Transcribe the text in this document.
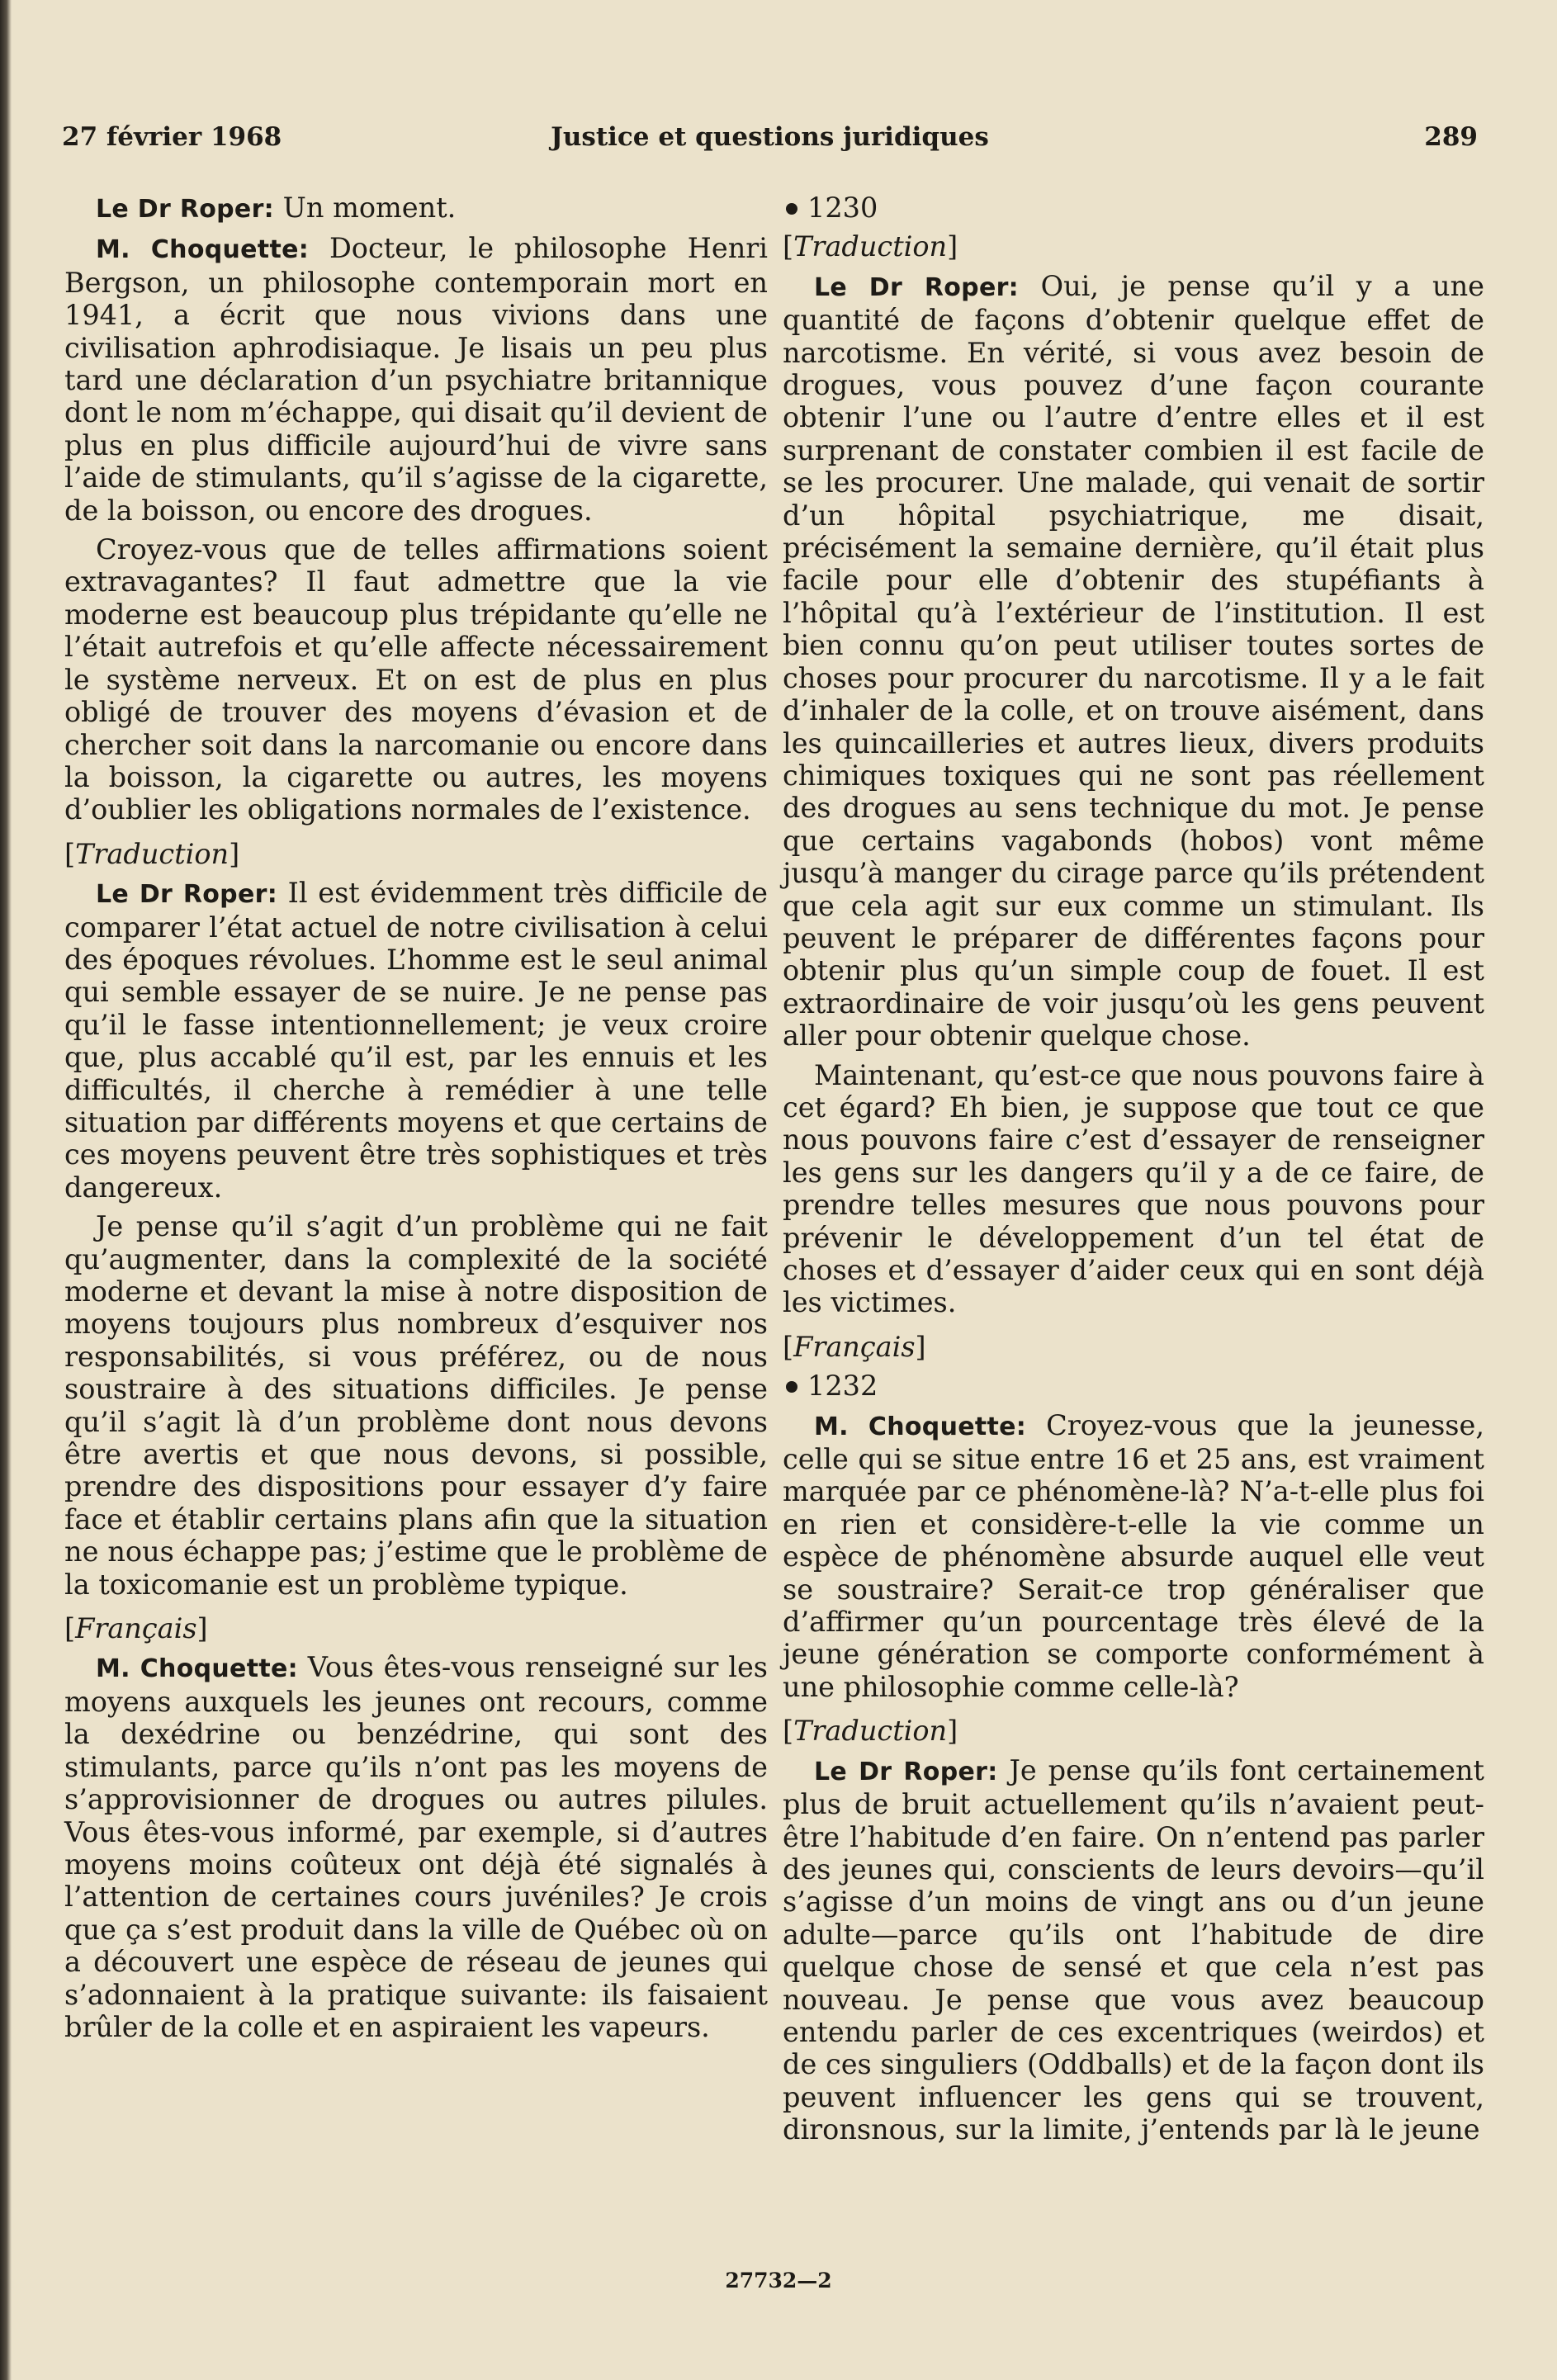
27 février 1968	Justice et questions juridiques	289

Le Dr Roper: Un moment.

M. Choquette: Docteur, le philosophe Henri Bergson, un philosophe contemporain mort en 1941, a écrit que nous vivions dans une civilisation aphrodisiaque. Je lisais un peu plus tard une déclaration d’un psychiatre britannique dont le nom m’échappe, qui disait qu’il devient de plus en plus difficile aujourd’hui de vivre sans l’aide de stimulants, qu’il s’agisse de la cigarette, de la boisson, ou encore des drogues.

Croyez-vous que de telles affirmations soient extravagantes? Il faut admettre que la vie moderne est beaucoup plus trépidante qu’elle ne l’était autrefois et qu’elle affecte nécessairement le système nerveux. Et on est de plus en plus obligé de trouver des moyens d’évasion et de chercher soit dans la narcomanie ou encore dans la boisson, la cigarette ou autres, les moyens d’oublier les obligations normales de l’existence.

[Traduction]

Le Dr Roper: Il est évidemment très difficile de comparer l’état actuel de notre civilisation à celui des époques révolues. L’homme est le seul animal qui semble essayer de se nuire. Je ne pense pas qu’il le fasse intentionnellement; je veux croire que, plus accablé qu’il est, par les ennuis et les difficultés, il cherche à remédier à une telle situation par différents moyens et que certains de ces moyens peuvent être très sophistiques et très dangereux.

Je pense qu’il s’agit d’un problème qui ne fait qu’augmenter, dans la complexité de la société moderne et devant la mise à notre disposition de moyens toujours plus nombreux d’esquiver nos responsabilités, si vous préférez, ou de nous soustraire à des situations difficiles. Je pense qu’il s’agit là d’un problème dont nous devons être avertis et que nous devons, si possible, prendre des dispositions pour essayer d’y faire face et établir certains plans afin que la situation ne nous échappe pas; j’estime que le problème de la toxicomanie est un problème typique.

[Français]

M. Choquette: Vous êtes-vous renseigné sur les moyens auxquels les jeunes ont recours, comme la dexédrine ou benzédrine, qui sont des stimulants, parce qu’ils n’ont pas les moyens de s’approvisionner de drogues ou autres pilules. Vous êtes-vous informé, par exemple, si d’autres moyens moins coûteux ont déjà été signalés à l’attention de certaines cours juvéniles? Je crois que ça s’est produit dans la ville de Québec où on a découvert une espèce de réseau de jeunes qui s’adonnaient à la pratique suivante: ils faisaient brûler de la colle et en aspiraient les vapeurs.

1230
[Traduction]

Le Dr Roper: Oui, je pense qu’il y a une quantité de façons d’obtenir quelque effet de narcotisme. En vérité, si vous avez besoin de drogues, vous pouvez d’une façon courante obtenir l’une ou l’autre d’entre elles et il est surprenant de constater combien il est facile de se les procurer. Une malade, qui venait de sortir d’un hôpital psychiatrique, me disait, précisément la semaine dernière, qu’il était plus facile pour elle d’obtenir des stupéfiants à l’hôpital qu’à l’extérieur de l’institution. Il est bien connu qu’on peut utiliser toutes sortes de choses pour procurer du narcotisme. Il y a le fait d’inhaler de la colle, et on trouve aisément, dans les quincailleries et autres lieux, divers produits chimiques toxiques qui ne sont pas réellement des drogues au sens technique du mot. Je pense que certains vagabonds (hobos) vont même jusqu’à manger du cirage parce qu’ils prétendent que cela agit sur eux comme un stimulant. Ils peuvent le préparer de différentes façons pour obtenir plus qu’un simple coup de fouet. Il est extraordinaire de voir jusqu’où les gens peuvent aller pour obtenir quelque chose.

Maintenant, qu’est-ce que nous pouvons faire à cet égard? Eh bien, je suppose que tout ce que nous pouvons faire c’est d’essayer de renseigner les gens sur les dangers qu’il y a de ce faire, de prendre telles mesures que nous pouvons pour prévenir le développement d’un tel état de choses et d’essayer d’aider ceux qui en sont déjà les victimes.

[Français]
1232

M. Choquette: Croyez-vous que la jeunesse, celle qui se situe entre 16 et 25 ans, est vraiment marquée par ce phénomène-là? N’a-t-elle plus foi en rien et considère-t-elle la vie comme un espèce de phénomène absurde auquel elle veut se soustraire? Serait-ce trop généraliser que d’affirmer qu’un pourcentage très élevé de la jeune génération se comporte conformément à une philosophie comme celle-là?

[Traduction]

Le Dr Roper: Je pense qu’ils font certainement plus de bruit actuellement qu’ils n’avaient peut-être l’habitude d’en faire. On n’entend pas parler des jeunes qui, conscients de leurs devoirs—qu’il s’agisse d’un moins de vingt ans ou d’un jeune adulte—parce qu’ils ont l’habitude de dire quelque chose de sensé et que cela n’est pas nouveau. Je pense que vous avez beaucoup entendu parler de ces excentriques (weirdos) et de ces singuliers (Oddballs) et de la façon dont ils peuvent influencer les gens qui se trouvent, dironsnous, sur la limite, j’entends par là le jeune

27732—2
